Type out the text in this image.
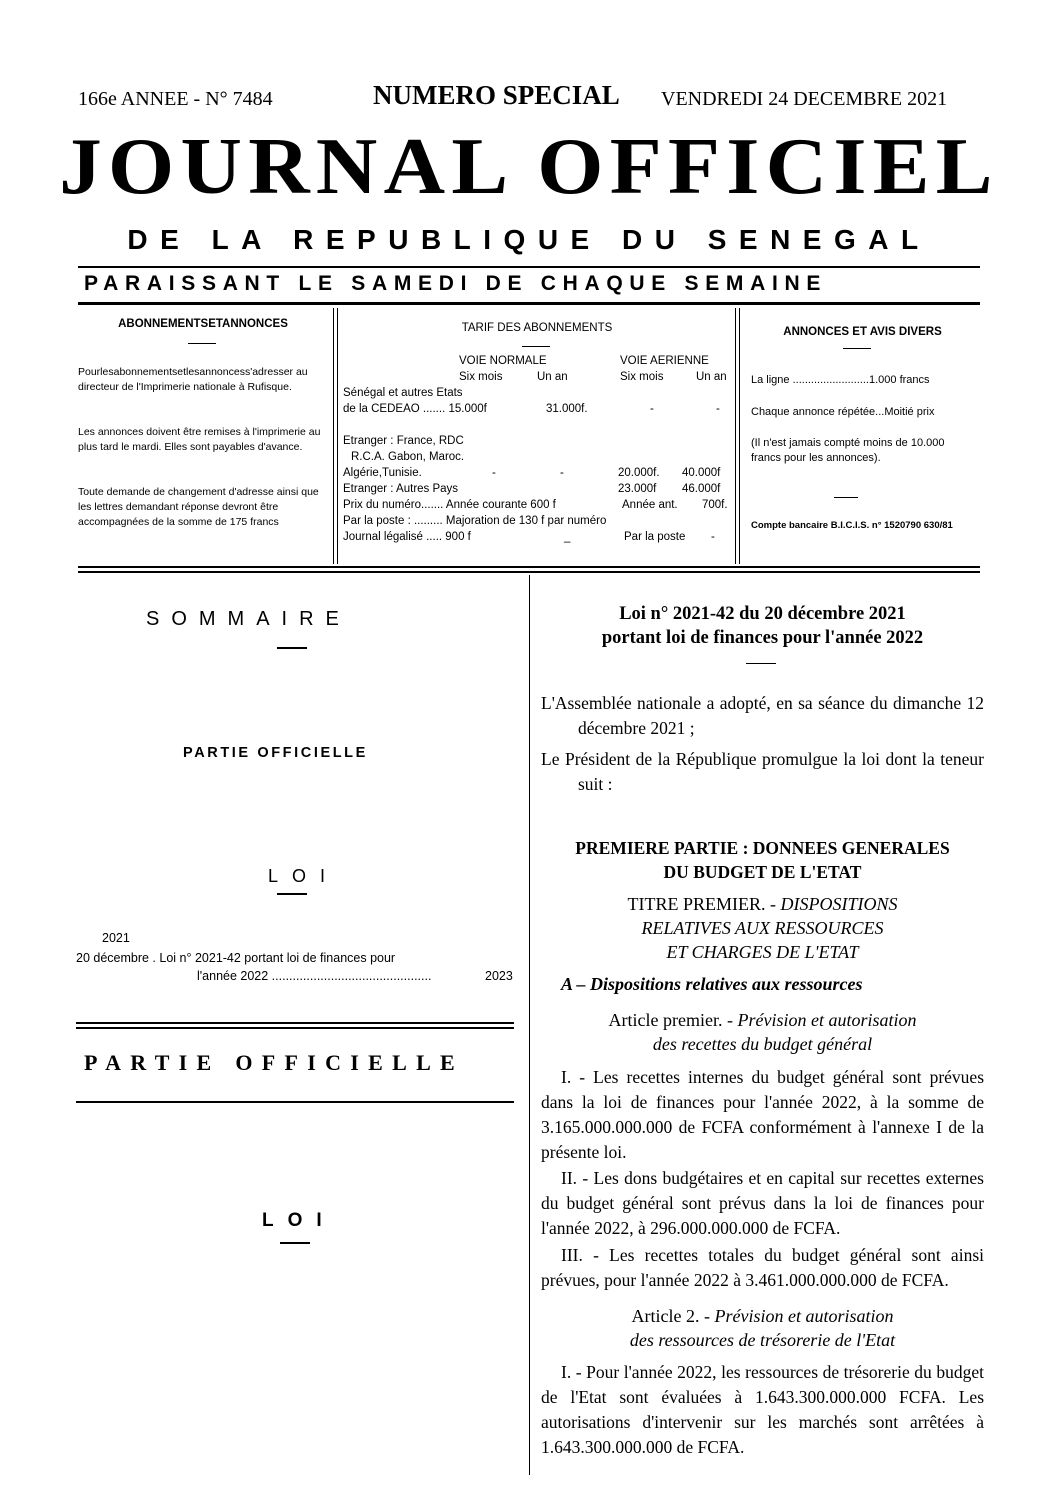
166e ANNEE - N° 7484	NUMERO SPECIAL VENDREDI 24 DECEMBRE 2021
JOURNAL OFFICIEL
DE LA REPUBLIQUE DU SENEGAL
PARAISSANT LE SAMEDI DE CHAQUE SEMAINE
ABONNEMENTSETANNONCES
Pourlesabonnementsetlesannoncess'adresser au directeur de l'Imprimerie nationale à Rufisque.
Les annonces doivent être remises à l'imprimerie au plus tard le mardi. Elles sont payables d'avance.
Toute demande de changement d'adresse ainsi que les lettres demandant réponse devront être accompagnées de la somme de 175 francs
TARIF DES ABONNEMENTS
VOIE NORMALE	VOIE AERIENNE
Six mois	Un an	Six mois	Un an
Sénégal et autres Etats
de la CEDEAO ....... 15.000f	31.000f.	-	-
Etranger : France, RDC
R.C.A. Gabon, Maroc.
Algérie,Tunisie.	-	-	20.000f. 40.000f
Etranger : Autres Pays	23.000f 46.000f
Prix du numéro....... Année courante 600 f	Année ant. 700f.
Par la poste : ......... Majoration de 130 f par numéro
Journal légalisé ..... 900 f	_	Par la poste -
ANNONCES ET AVIS DIVERS
La ligne .........................1.000 francs
Chaque annonce répétée...Moitié prix
(Il n'est jamais compté moins de 10.000 francs pour les annonces).
Compte bancaire B.I.C.I.S. n° 1520790 630/81
SOMMAIRE
PARTIE OFFICIELLE
LOI
2021
20 décembre . Loi n° 2021-42 portant loi de finances pour
l'année 2022 ..............................................	2023
PARTIE OFFICIELLE
LOI
Loi n° 2021-42 du 20 décembre 2021
portant loi de finances pour l'année 2022
L'Assemblée nationale a adopté, en sa séance du dimanche 12 décembre 2021 ;
Le Président de la République promulgue la loi dont la teneur suit :
PREMIERE PARTIE : DONNEES GENERALES
DU BUDGET DE L'ETAT
TITRE PREMIER. - DISPOSITIONS
RELATIVES AUX RESSOURCES
ET CHARGES DE L'ETAT
A – Dispositions relatives aux ressources
Article premier. - Prévision et autorisation
des recettes du budget général
I. - Les recettes internes du budget général sont prévues dans la loi de finances pour l'année 2022, à la somme de 3.165.000.000.000 de FCFA conformément à l'annexe I de la présente loi.
II. - Les dons budgétaires et en capital sur recettes externes du budget général sont prévus dans la loi de finances pour l'année 2022, à 296.000.000.000 de FCFA.
III. - Les recettes totales du budget général sont ainsi prévues, pour l'année 2022 à 3.461.000.000.000 de FCFA.
Article 2. - Prévision et autorisation
des ressources de trésorerie de l'Etat
I. - Pour l'année 2022, les ressources de trésorerie du budget de l'Etat sont évaluées à 1.643.300.000.000 FCFA. Les autorisations d'intervenir sur les marchés sont arrêtées à 1.643.300.000.000 de FCFA.
